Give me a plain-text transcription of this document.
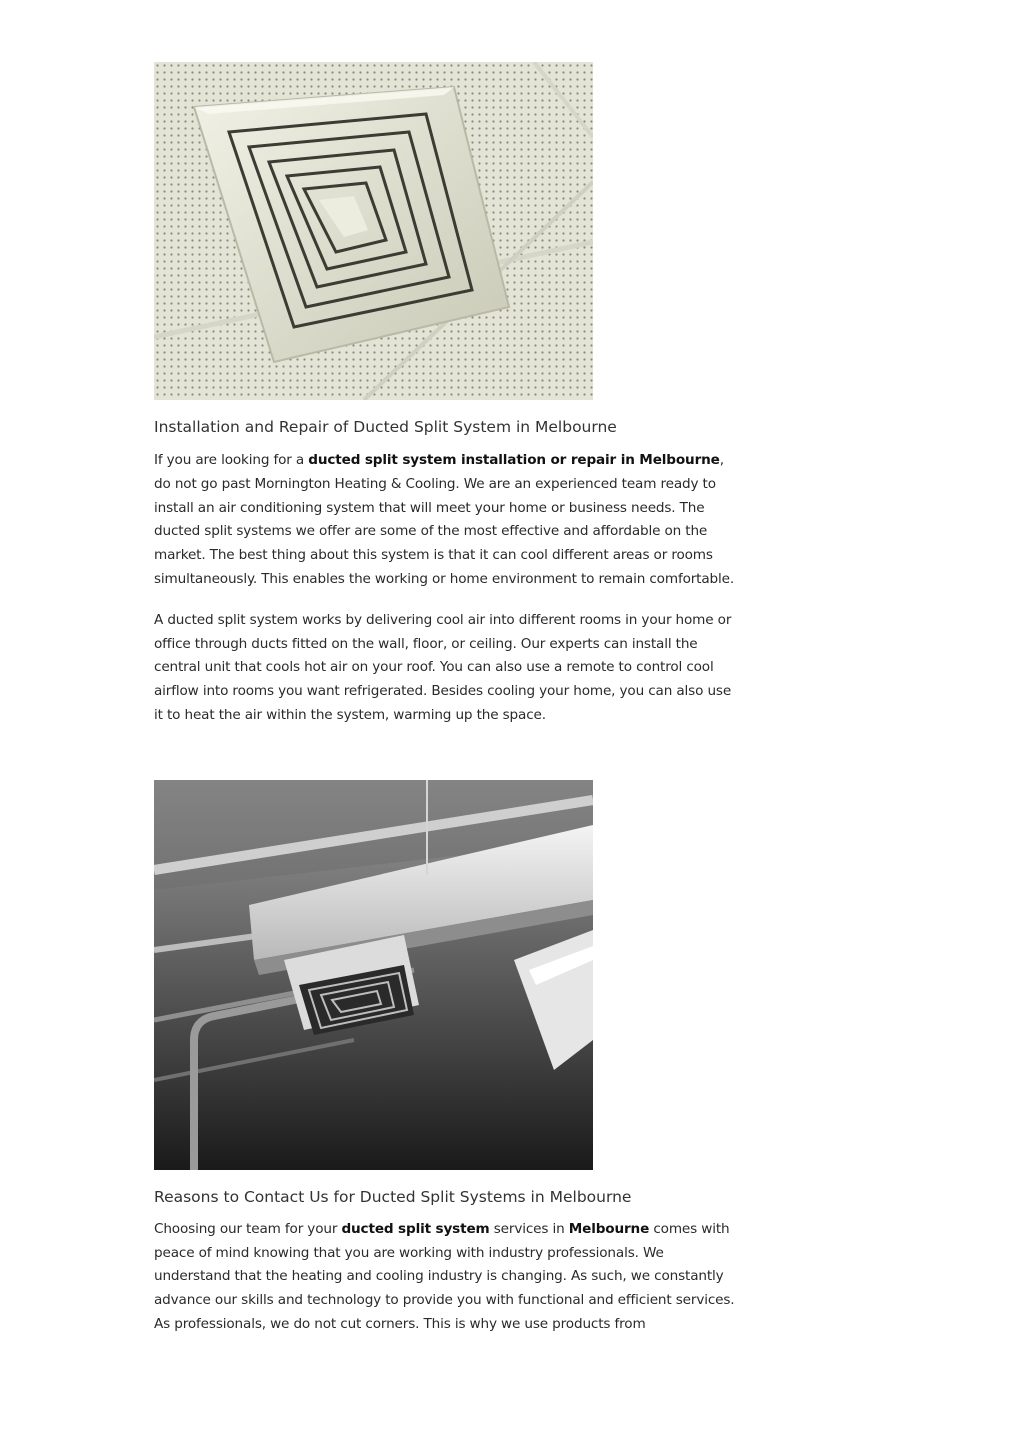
Installation and Repair of Ducted Split System in Melbourne

If you are looking for a ducted split system installation or repair in Melbourne, do not go past Mornington Heating & Cooling. We are an experienced team ready to install an air conditioning system that will meet your home or business needs. The ducted split systems we offer are some of the most effective and affordable on the market. The best thing about this system is that it can cool different areas or rooms simultaneously. This enables the working or home environment to remain comfortable.

A ducted split system works by delivering cool air into different rooms in your home or office through ducts fitted on the wall, floor, or ceiling. Our experts can install the central unit that cools hot air on your roof. You can also use a remote to control cool airflow into rooms you want refrigerated. Besides cooling your home, you can also use it to heat the air within the system, warming up the space.

Reasons to Contact Us for Ducted Split Systems in Melbourne

Choosing our team for your ducted split system services in Melbourne comes with peace of mind knowing that you are working with industry professionals. We understand that the heating and cooling industry is changing. As such, we constantly advance our skills and technology to provide you with functional and efficient services. As professionals, we do not cut corners. This is why we use products from
